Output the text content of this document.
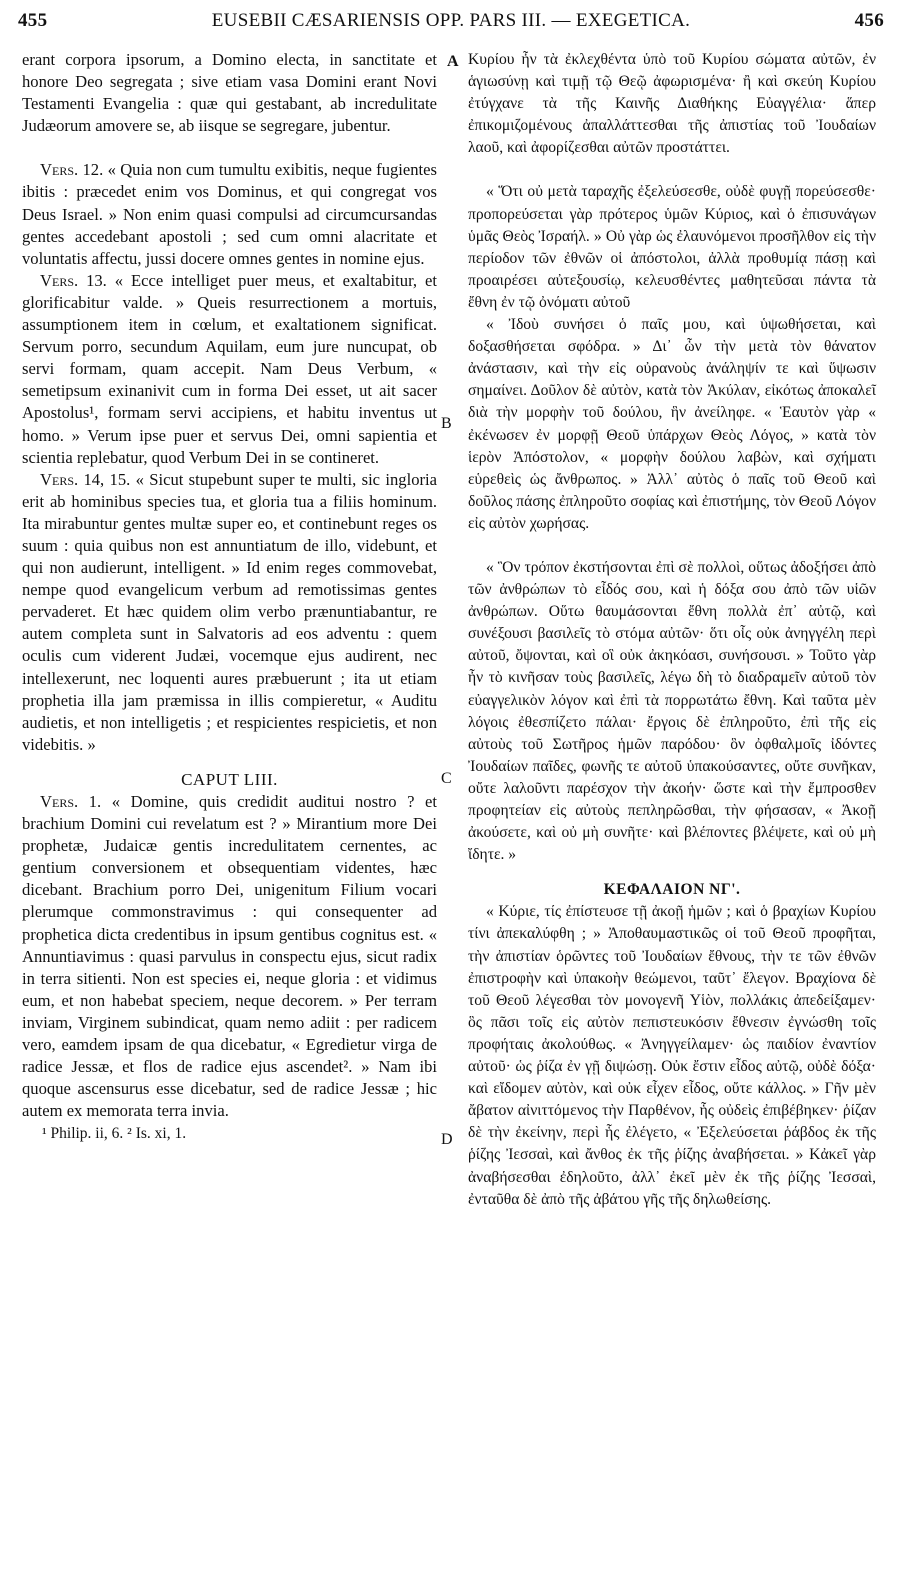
455	EUSEBII CÆSARIENSIS OPP. PARS III. — EXEGETICA.	456
A
B
C
D

erant corpora ipsorum, a Domino electa, in sanctitate et honore Deo segregata ; sive etiam vasa Domini erant Novi Testamenti Evangelia : quæ qui gestabant, ab incredulitate Judæorum amovere se, ab iisque se segregare, jubentur.

Vers. 12. « Quia non cum tumultu exibitis, neque fugientes ibitis : præcedet enim vos Dominus, et qui congregat vos Deus Israel. » Non enim quasi compulsi ad circumcursandas gentes accedebant apostoli ; sed cum omni alacritate et voluntatis affectu, jussi docere omnes gentes in nomine ejus.

Vers. 13. « Ecce intelliget puer meus, et exaltabitur, et glorificabitur valde. » Queis resurrectionem a mortuis, assumptionem item in cœlum, et exaltationem significat. Servum porro, secundum Aquilam, eum jure nuncupat, ob servi formam, quam accepit. Nam Deus Verbum, « semetipsum exinanivit cum in forma Dei esset, ut ait sacer Apostolus¹, formam servi accipiens, et habitu inventus ut homo. » Verum ipse puer et servus Dei, omni sapientia et scientia replebatur, quod Verbum Dei in se contineret.

Vers. 14, 15. « Sicut stupebunt super te multi, sic ingloria erit ab hominibus species tua, et gloria tua a filiis hominum. Ita mirabuntur gentes multæ super eo, et continebunt reges os suum : quia quibus non est annuntiatum de illo, videbunt, et qui non audierunt, intelligent. » Id enim reges commovebat, nempe quod evangelicum verbum ad remotissimas gentes pervaderet. Et hæc quidem olim verbo prænuntiabantur, re autem completa sunt in Salvatoris ad eos adventu : quem oculis cum viderent Judæi, vocemque ejus audirent, nec intellexerunt, nec loquenti aures præbuerunt ; ita ut etiam prophetia illa jam præmissa in illis compieretur, « Auditu audietis, et non intelligetis ; et respicientes respicietis, et non videbitis. »

CAPUT LIII.

Vers. 1. « Domine, quis credidit auditui nostro ? et brachium Domini cui revelatum est ? » Mirantium more Dei prophetæ, Judaicæ gentis incredulitatem cernentes, ac gentium conversionem et obsequentiam videntes, hæc dicebant. Brachium porro Dei, unigenitum Filium vocari plerumque commonstravimus : qui consequenter ad prophetica dicta credentibus in ipsum gentibus cognitus est. « Annuntiavimus : quasi parvulus in conspectu ejus, sicut radix in terra sitienti. Non est species ei, neque gloria : et vidimus eum, et non habebat speciem, neque decorem. » Per terram inviam, Virginem subindicat, quam nemo adiit : per radicem vero, eamdem ipsam de qua dicebatur, « Egredietur virga de radice Jessæ, et flos de radice ejus ascendet². » Nam ibi quoque ascensurus esse dicebatur, sed de radice Jessæ ; hic autem ex memorata terra invia.

¹ Philip. ii, 6. ² Is. xi, 1.

Κυρίου ἦν τὰ ἐκλεχθέντα ὑπὸ τοῦ Κυρίου σώματα αὐτῶν, ἐν ἁγιωσύνῃ καὶ τιμῇ τῷ Θεῷ ἀφωρισμένα· ἢ καὶ σκεύη Κυρίου ἐτύγχανε τὰ τῆς Καινῆς Διαθήκης Εὐαγγέλια· ἅπερ ἐπικομιζομένους ἀπαλλάττεσθαι τῆς ἀπιστίας τοῦ Ἰουδαίων λαοῦ, καὶ ἀφορίζεσθαι αὐτῶν προστάττει.

« Ὅτι οὐ μετὰ ταραχῆς ἐξελεύσεσθε, οὐδὲ φυγῇ πορεύσεσθε· προπορεύσεται γὰρ πρότερος ὑμῶν Κύριος, καὶ ὁ ἐπισυνάγων ὑμᾶς Θεὸς Ἰσραήλ. » Οὐ γὰρ ὡς ἐλαυνόμενοι προσῆλθον εἰς τὴν περίοδον τῶν ἐθνῶν οἱ ἀπόστολοι, ἀλλὰ προθυμίᾳ πάσῃ καὶ προαιρέσει αὐτεξουσίῳ, κελευσθέντες μαθητεῦσαι πάντα τὰ ἔθνη ἐν τῷ ὀνόματι αὐτοῦ

« Ἰδοὺ συνήσει ὁ παῖς μου, καὶ ὑψωθήσεται, καὶ δοξασθήσεται σφόδρα. » Δι᾽ ὧν τὴν μετὰ τὸν θάνατον ἀνάστασιν, καὶ τὴν εἰς οὐρανοὺς ἀνάληψίν τε καὶ ὕψωσιν σημαίνει. Δοῦλον δὲ αὐτὸν, κατὰ τὸν Ἀκύλαν, εἰκότως ἀποκαλεῖ διὰ τὴν μορφὴν τοῦ δούλου, ἣν ἀνείληφε. « Ἑαυτὸν γὰρ « ἐκένωσεν ἐν μορφῇ Θεοῦ ὑπάρχων Θεὸς Λόγος, » κατὰ τὸν ἱερὸν Ἀπόστολον, « μορφὴν δούλου λαβὼν, καὶ σχήματι εὑρεθεὶς ὡς ἄνθρωπος. » Ἀλλ᾽ αὐτὸς ὁ παῖς τοῦ Θεοῦ καὶ δοῦλος πάσης ἐπληροῦτο σοφίας καὶ ἐπιστήμης, τὸν Θεοῦ Λόγον εἰς αὐτὸν χωρήσας.

« Ὃν τρόπον ἐκστήσονται ἐπὶ σὲ πολλοὶ, οὕτως ἀδοξήσει ἀπὸ τῶν ἀνθρώπων τὸ εἶδός σου, καὶ ἡ δόξα σου ἀπὸ τῶν υἱῶν ἀνθρώπων. Οὕτω θαυμάσονται ἔθνη πολλὰ ἐπ᾽ αὐτῷ, καὶ συνέξουσι βασιλεῖς τὸ στόμα αὐτῶν· ὅτι οἷς οὐκ ἀνηγγέλη περὶ αὐτοῦ, ὄψονται, καὶ οἳ οὐκ ἀκηκόασι, συνήσουσι. » Τοῦτο γὰρ ἦν τὸ κινῆσαν τοὺς βασιλεῖς, λέγω δὴ τὸ διαδραμεῖν αὐτοῦ τὸν εὐαγγελικὸν λόγον καὶ ἐπὶ τὰ πορρωτάτω ἔθνη. Καὶ ταῦτα μὲν λόγοις ἐθεσπίζετο πάλαι· ἔργοις δὲ ἐπληροῦτο, ἐπὶ τῆς εἰς αὐτοὺς τοῦ Σωτῆρος ἡμῶν παρόδου· ὃν ὀφθαλμοῖς ἰδόντες Ἰουδαίων παῖδες, φωνῆς τε αὐτοῦ ὑπακούσαντες, οὔτε συνῆκαν, οὔτε λαλοῦντι παρέσχον τὴν ἀκοήν· ὥστε καὶ τὴν ἔμπροσθεν προφητείαν εἰς αὐτοὺς πεπληρῶσθαι, τὴν φήσασαν, « Ἀκοῇ ἀκούσετε, καὶ οὐ μὴ συνῆτε· καὶ βλέποντες βλέψετε, καὶ οὐ μὴ ἴδητε. »

ΚΕΦΑΛΑΙΟΝ ΝΓ'.

« Κύριε, τίς ἐπίστευσε τῇ ἀκοῇ ἡμῶν ; καὶ ὁ βραχίων Κυρίου τίνι ἀπεκαλύφθη ; » Ἀποθαυμαστικῶς οἱ τοῦ Θεοῦ προφῆται, τὴν ἀπιστίαν ὁρῶντες τοῦ Ἰουδαίων ἔθνους, τὴν τε τῶν ἐθνῶν ἐπιστροφὴν καὶ ὑπακοὴν θεώμενοι, ταῦτ᾽ ἔλεγον. Βραχίονα δὲ τοῦ Θεοῦ λέγεσθαι τὸν μονογενῆ Υἱὸν, πολλάκις ἀπεδείξαμεν· ὃς πᾶσι τοῖς εἰς αὐτὸν πεπιστευκόσιν ἔθνεσιν ἐγνώσθη τοῖς προφήταις ἀκολούθως. « Ἀνηγγείλαμεν· ὡς παιδίον ἐναντίον αὐτοῦ· ὡς ῥίζα ἐν γῇ διψώσῃ. Οὐκ ἔστιν εἶδος αὐτῷ, οὐδὲ δόξα· καὶ εἴδομεν αὐτὸν, καὶ οὐκ εἶχεν εἶδος, οὔτε κάλλος. » Γῆν μὲν ἄβατον αἰνιττόμενος τὴν Παρθένον, ἧς οὐδεὶς ἐπιβέβηκεν· ῥίζαν δὲ τὴν ἐκείνην, περὶ ἧς ἐλέγετο, « Ἐξελεύσεται ῥάβδος ἐκ τῆς ῥίζης Ἰεσσαὶ, καὶ ἄνθος ἐκ τῆς ῥίζης ἀναβήσεται. » Κἀκεῖ γὰρ ἀναβήσεσθαι ἐδηλοῦτο, ἀλλ᾽ ἐκεῖ μὲν ἐκ τῆς ῥίζης Ἰεσσαὶ, ἐνταῦθα δὲ ἀπὸ τῆς ἀβάτου γῆς τῆς δηλωθείσης.
